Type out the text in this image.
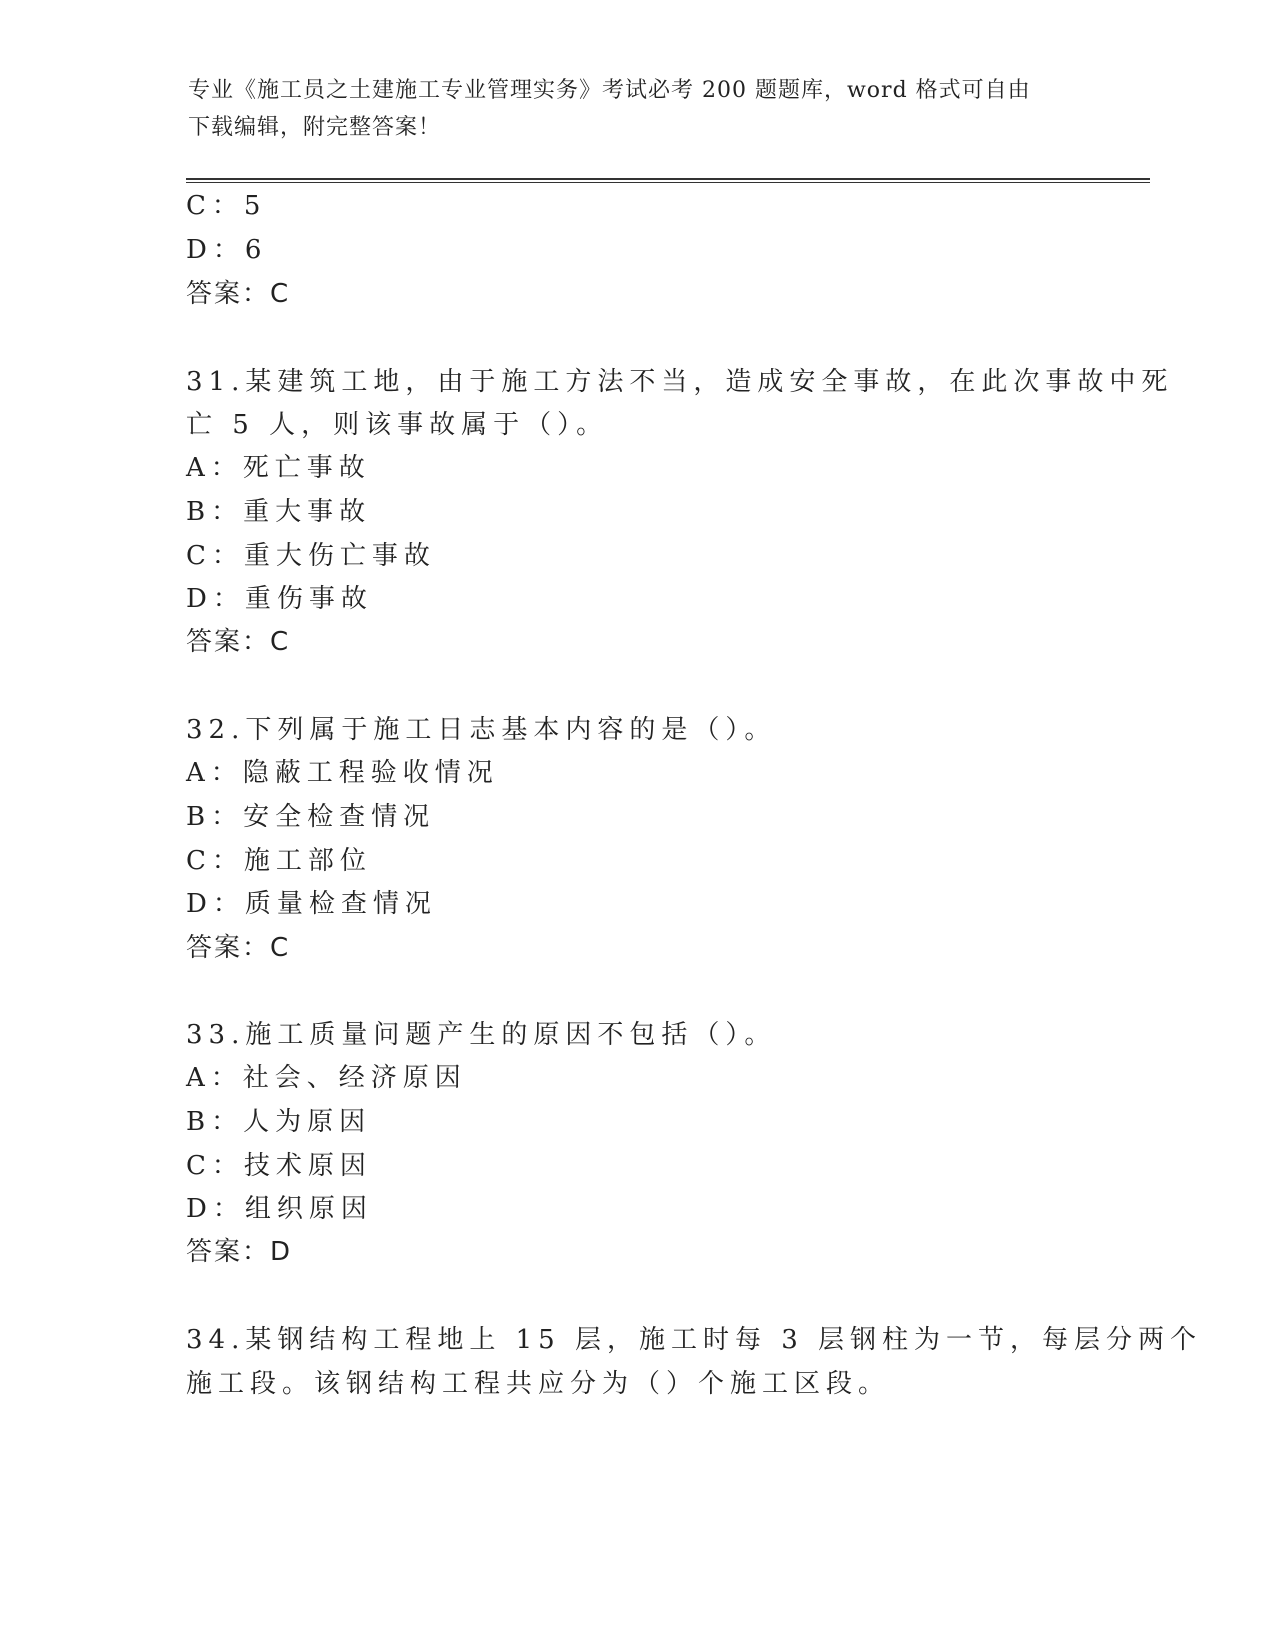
专业《施工员之土建施工专业管理实务》考试必考 200 题题库，word 格式可自由
下载编辑，附完整答案！
C：5
D：6
答案：C
31.某建筑工地，由于施工方法不当，造成安全事故，在此次事故中死
亡 5 人，则该事故属于（）。
A：死亡事故
B：重大事故
C：重大伤亡事故
D：重伤事故
答案：C
32.下列属于施工日志基本内容的是（）。
A：隐蔽工程验收情况
B：安全检查情况
C：施工部位
D：质量检查情况
答案：C
33.施工质量问题产生的原因不包括（）。
A：社会、经济原因
B：人为原因
C：技术原因
D：组织原因
答案：D
34.某钢结构工程地上 15 层，施工时每 3 层钢柱为一节，每层分两个
施工段。该钢结构工程共应分为（）个施工区段。
